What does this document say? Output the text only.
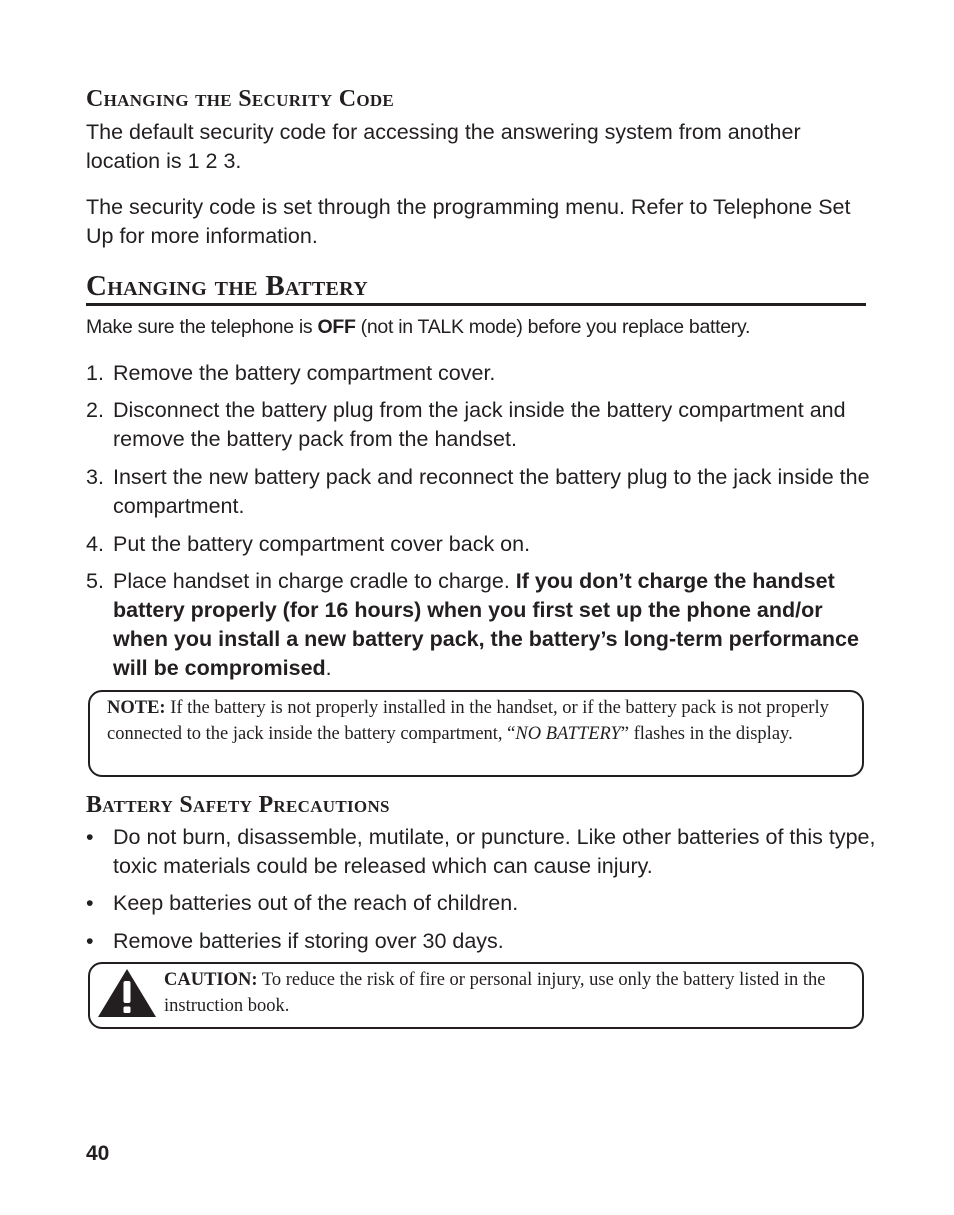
Changing the Security Code

The default security code for accessing the answering system from another location is 1 2 3.

The security code is set through the programming menu. Refer to Telephone Set Up for more information.

Changing the Battery

Make sure the telephone is OFF (not in TALK mode) before you replace battery.

1. Remove the battery compartment cover.
2. Disconnect the battery plug from the jack inside the battery compartment and remove the battery pack from the handset.
3. Insert the new battery pack and reconnect the battery plug to the jack inside the compartment.
4. Put the battery compartment cover back on.
5. Place handset in charge cradle to charge. If you don’t charge the handset battery properly (for 16 hours) when you first set up the phone and/or when you install a new battery pack, the battery’s long-term performance will be compromised.
NOTE: If the battery is not properly installed in the handset, or if the battery pack is not properly connected to the jack inside the battery compartment, “NO BATTERY” flashes in the display.
Battery Safety Precautions
• Do not burn, disassemble, mutilate, or puncture. Like other batteries of this type, toxic materials could be released which can cause injury.
• Keep batteries out of the reach of children.
• Remove batteries if storing over 30 days.
CAUTION: To reduce the risk of fire or personal injury, use only the battery listed in the instruction book.
40
